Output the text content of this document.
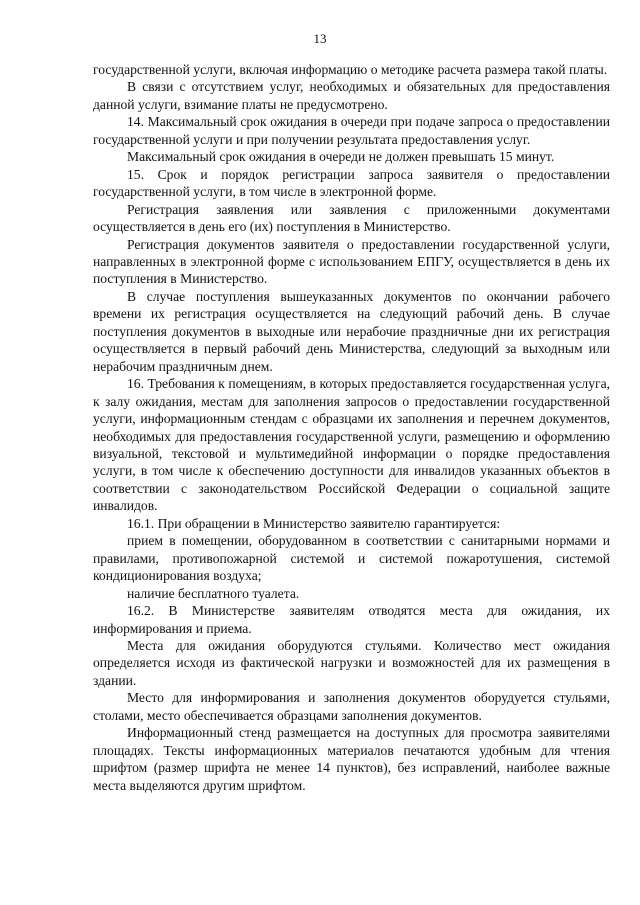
13

государственной услуги, включая информацию о методике расчета размера такой платы.

В связи с отсутствием услуг, необходимых и обязательных для предоставления данной услуги, взимание платы не предусмотрено.

14. Максимальный срок ожидания в очереди при подаче запроса о предоставлении государственной услуги и при получении результата предоставления услуг.

Максимальный срок ожидания в очереди не должен превышать 15 минут.

15. Срок и порядок регистрации запроса заявителя о предоставлении государственной услуги, в том числе в электронной форме.

Регистрация заявления или заявления с приложенными документами осуществляется в день его (их) поступления в Министерство.

Регистрация документов заявителя о предоставлении государственной услуги, направленных в электронной форме с использованием ЕПГУ, осуществляется в день их поступления в Министерство.

В случае поступления вышеуказанных документов по окончании рабочего времени их регистрация осуществляется на следующий рабочий день. В случае поступления документов в выходные или нерабочие праздничные дни их регистрация осуществляется в первый рабочий день Министерства, следующий за выходным или нерабочим праздничным днем.

16. Требования к помещениям, в которых предоставляется государственная услуга, к залу ожидания, местам для заполнения запросов о предоставлении государственной услуги, информационным стендам с образцами их заполнения и перечнем документов, необходимых для предоставления государственной услуги, размещению и оформлению визуальной, текстовой и мультимедийной информации о порядке предоставления услуги, в том числе к обеспечению доступности для инвалидов указанных объектов в соответствии с законодательством Российской Федерации о социальной защите инвалидов.

16.1. При обращении в Министерство заявителю гарантируется:

прием в помещении, оборудованном в соответствии с санитарными нормами и правилами, противопожарной системой и системой пожаротушения, системой кондиционирования воздуха;

наличие бесплатного туалета.

16.2. В Министерстве заявителям отводятся места для ожидания, их информирования и приема.

Места для ожидания оборудуются стульями. Количество мест ожидания определяется исходя из фактической нагрузки и возможностей для их размещения в здании.

Место для информирования и заполнения документов оборудуется стульями, столами, место обеспечивается образцами заполнения документов.

Информационный стенд размещается на доступных для просмотра заявителями площадях. Тексты информационных материалов печатаются удобным для чтения шрифтом (размер шрифта не менее 14 пунктов), без исправлений, наиболее важные места выделяются другим шрифтом.
